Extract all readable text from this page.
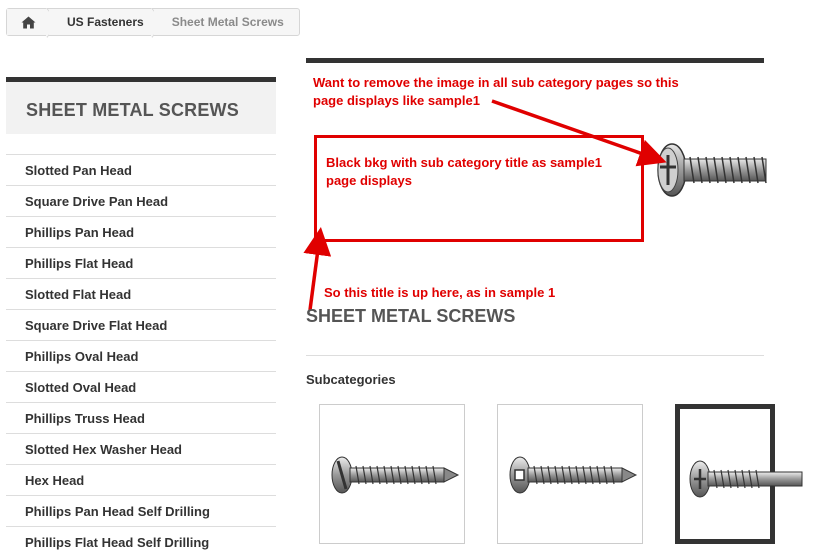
US Fasteners	Sheet Metal Screws
SHEET METAL SCREWS
Slotted Pan Head
Square Drive Pan Head
Phillips Pan Head
Phillips Flat Head
Slotted Flat Head
Square Drive Flat Head
Phillips Oval Head
Slotted Oval Head
Phillips Truss Head
Slotted Hex Washer Head
Hex Head
Phillips Pan Head Self Drilling
Phillips Flat Head Self Drilling
Want to remove the image in all sub category pages so this
page displays like sample1
Black bkg with sub category title as sample1
page displays
So this title is up here, as in sample 1
SHEET METAL SCREWS
Subcategories
